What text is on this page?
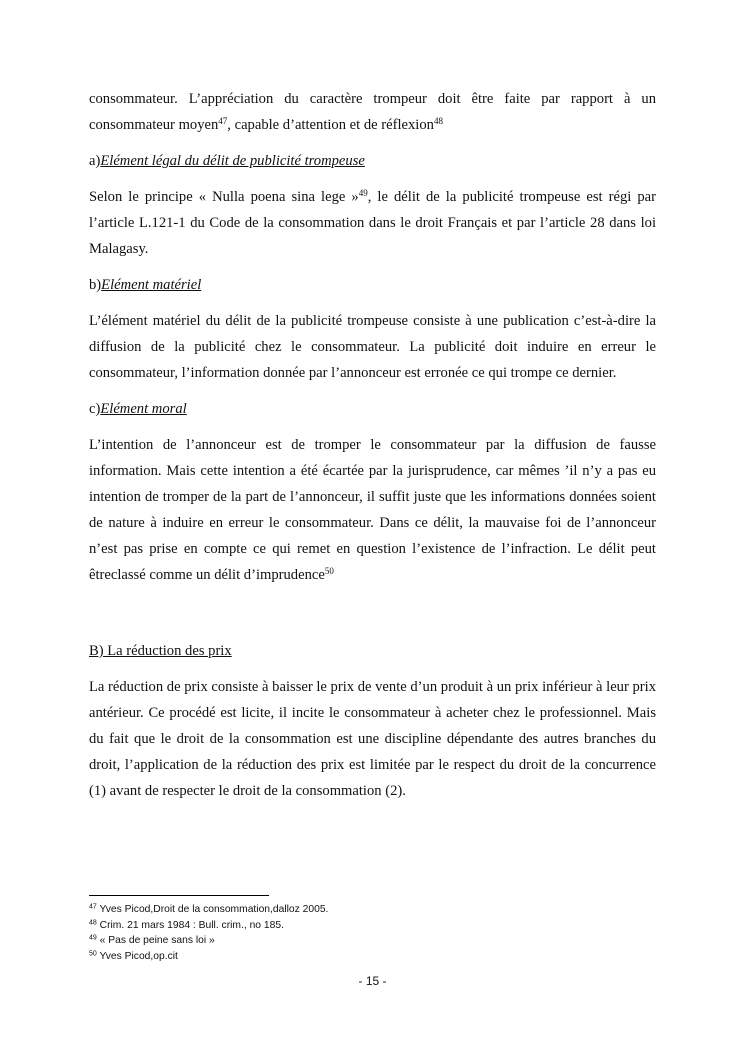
consommateur. L’appréciation du caractère trompeur doit être faite par rapport à un consommateur moyen$^{47}$, capable d’attention et de réflexion$^{48}$

a)Elément légal du délit de publicité trompeuse

Selon le principe « Nulla poena sina lege »$^{49}$, le délit de la publicité trompeuse est régi par l’article L.121-1 du Code de la consommation dans le droit Français et par l’article 28 dans loi Malagasy.

b)Elément matériel

L’élément matériel du délit de la publicité trompeuse consiste à une publication c’est-à-dire la diffusion de la publicité chez le consommateur. La publicité doit induire en erreur le consommateur, l’information donnée par l’annonceur est erronée ce qui trompe ce dernier.

c)Elément moral

L’intention de l’annonceur est de tromper le consommateur par la diffusion de fausse information. Mais cette intention a été écartée par la jurisprudence, car mêmes ’il n’y a pas eu intention de tromper de la part de l’annonceur, il suffit juste que les informations données soient de nature à induire en erreur le consommateur. Dans ce délit, la mauvaise foi de l’annonceur n’est pas prise en compte ce qui remet en question l’existence de l’infraction. Le délit peut êtreclassé comme un délit d’imprudence$^{50}$

B) La réduction des prix

La réduction de prix consiste à baisser le prix de vente d’un produit à un prix inférieur à leur prix antérieur. Ce procédé est licite, il incite le consommateur à acheter chez le professionnel. Mais du fait que le droit de la consommation est une discipline dépendante des autres branches du droit, l’application de la réduction des prix est limitée par le respect du droit de la concurrence (1) avant de respecter le droit de la consommation (2).

$^{47}$ Yves Picod,Droit de la consommation,dalloz 2005.
$^{48}$ Crim. 21 mars 1984 : Bull. crim., no 185.
$^{49}$ « Pas de peine sans loi »
$^{50}$ Yves Picod,op.cit
- 15 -
